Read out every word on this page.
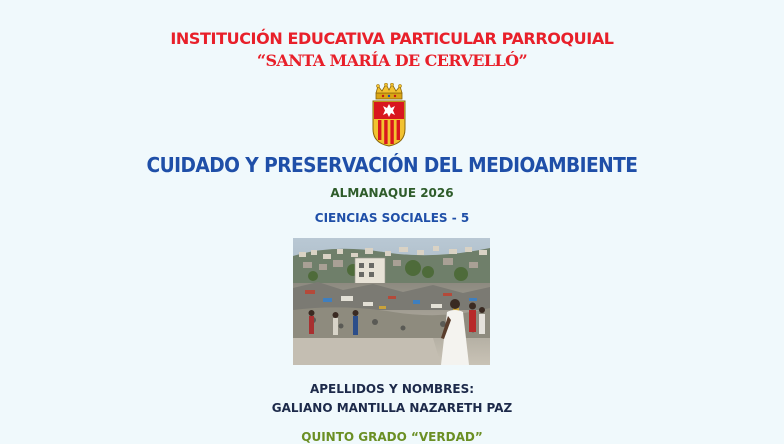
INSTITUCIÓN EDUCATIVA PARTICULAR PARROQUIAL
“SANTA MARÍA DE CERVELLÓ”
CUIDADO Y PRESERVACIÓN DEL MEDIOAMBIENTE
ALMANAQUE 2026
CIENCIAS SOCIALES - 5
APELLIDOS Y NOMBRES:
GALIANO MANTILLA NAZARETH PAZ
QUINTO GRADO “VERDAD”
